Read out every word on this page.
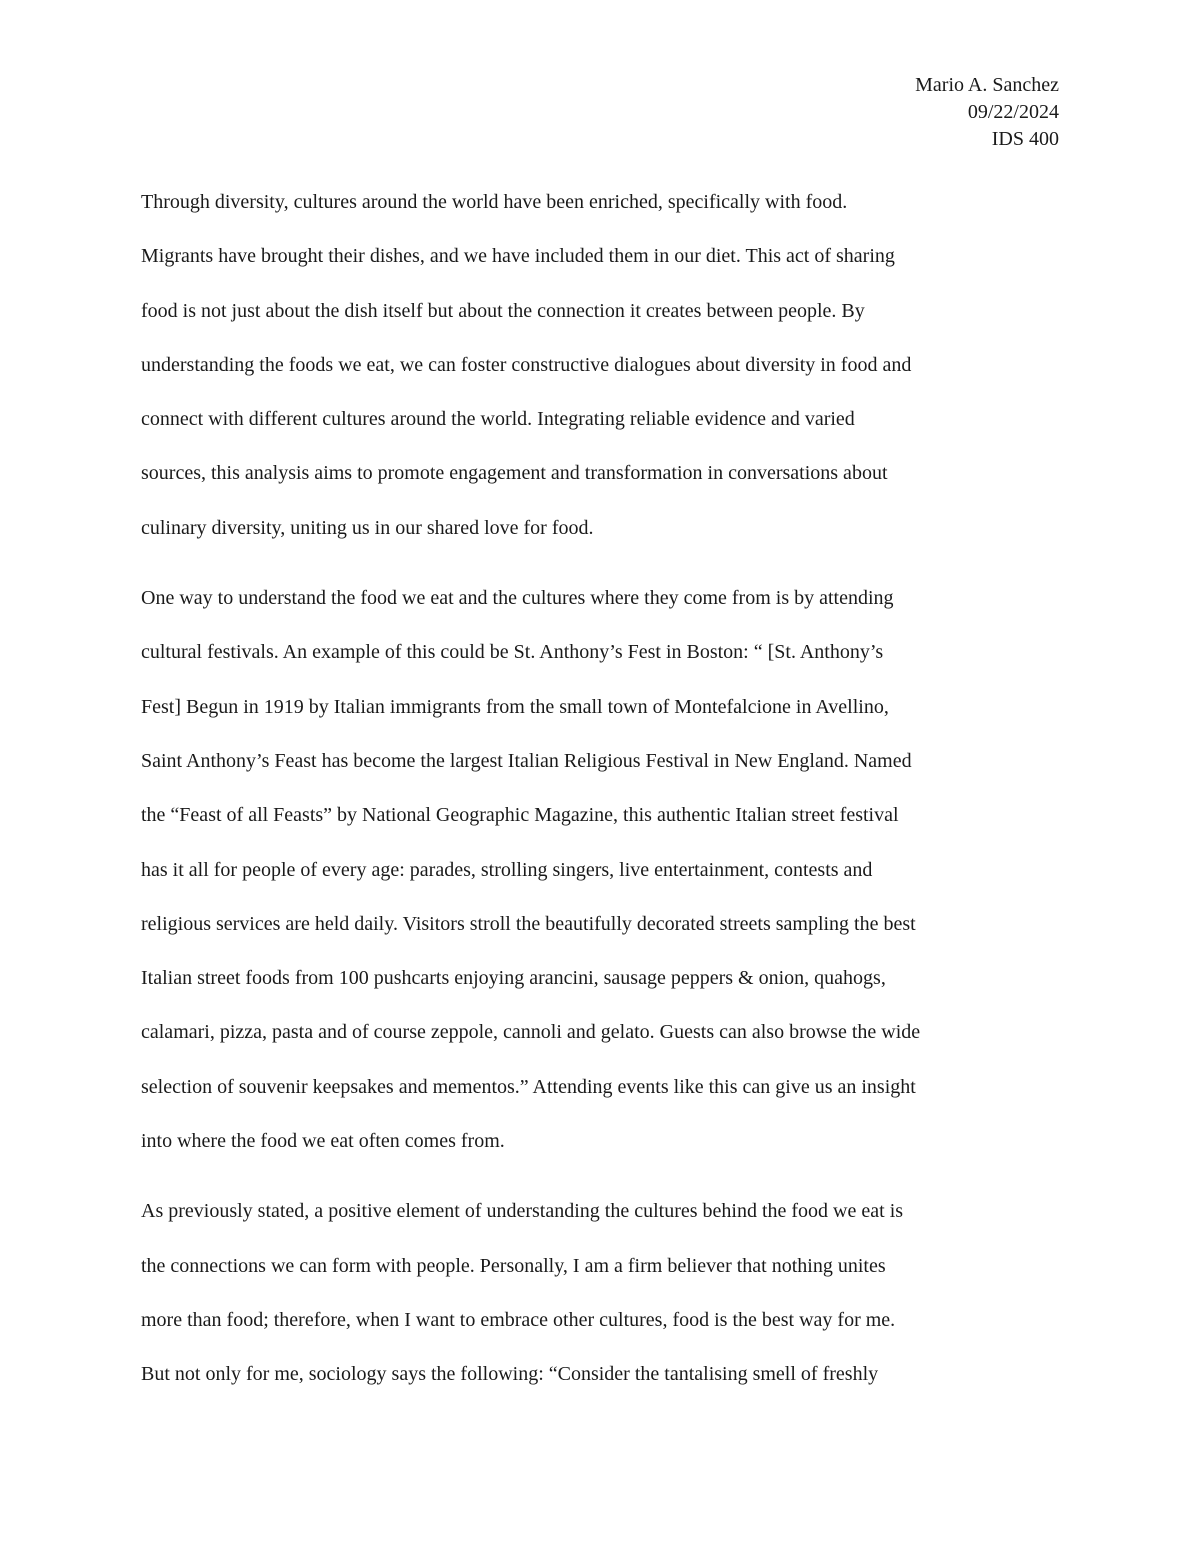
Mario A. Sanchez
09/22/2024
IDS 400

Through diversity, cultures around the world have been enriched, specifically with food.
Migrants have brought their dishes, and we have included them in our diet. This act of sharing
food is not just about the dish itself but about the connection it creates between people. By
understanding the foods we eat, we can foster constructive dialogues about diversity in food and
connect with different cultures around the world. Integrating reliable evidence and varied
sources, this analysis aims to promote engagement and transformation in conversations about
culinary diversity, uniting us in our shared love for food.

One way to understand the food we eat and the cultures where they come from is by attending
cultural festivals. An example of this could be St. Anthony’s Fest in Boston: “ [St. Anthony’s
Fest] Begun in 1919 by Italian immigrants from the small town of Montefalcione in Avellino,
Saint Anthony’s Feast has become the largest Italian Religious Festival in New England. Named
the “Feast of all Feasts” by National Geographic Magazine, this authentic Italian street festival
has it all for people of every age: parades, strolling singers, live entertainment, contests and
religious services are held daily. Visitors stroll the beautifully decorated streets sampling the best
Italian street foods from 100 pushcarts enjoying arancini, sausage peppers & onion, quahogs,
calamari, pizza, pasta and of course zeppole, cannoli and gelato. Guests can also browse the wide
selection of souvenir keepsakes and mementos.” Attending events like this can give us an insight
into where the food we eat often comes from.

As previously stated, a positive element of understanding the cultures behind the food we eat is
the connections we can form with people. Personally, I am a firm believer that nothing unites
more than food; therefore, when I want to embrace other cultures, food is the best way for me.
But not only for me, sociology says the following: “Consider the tantalising smell of freshly
